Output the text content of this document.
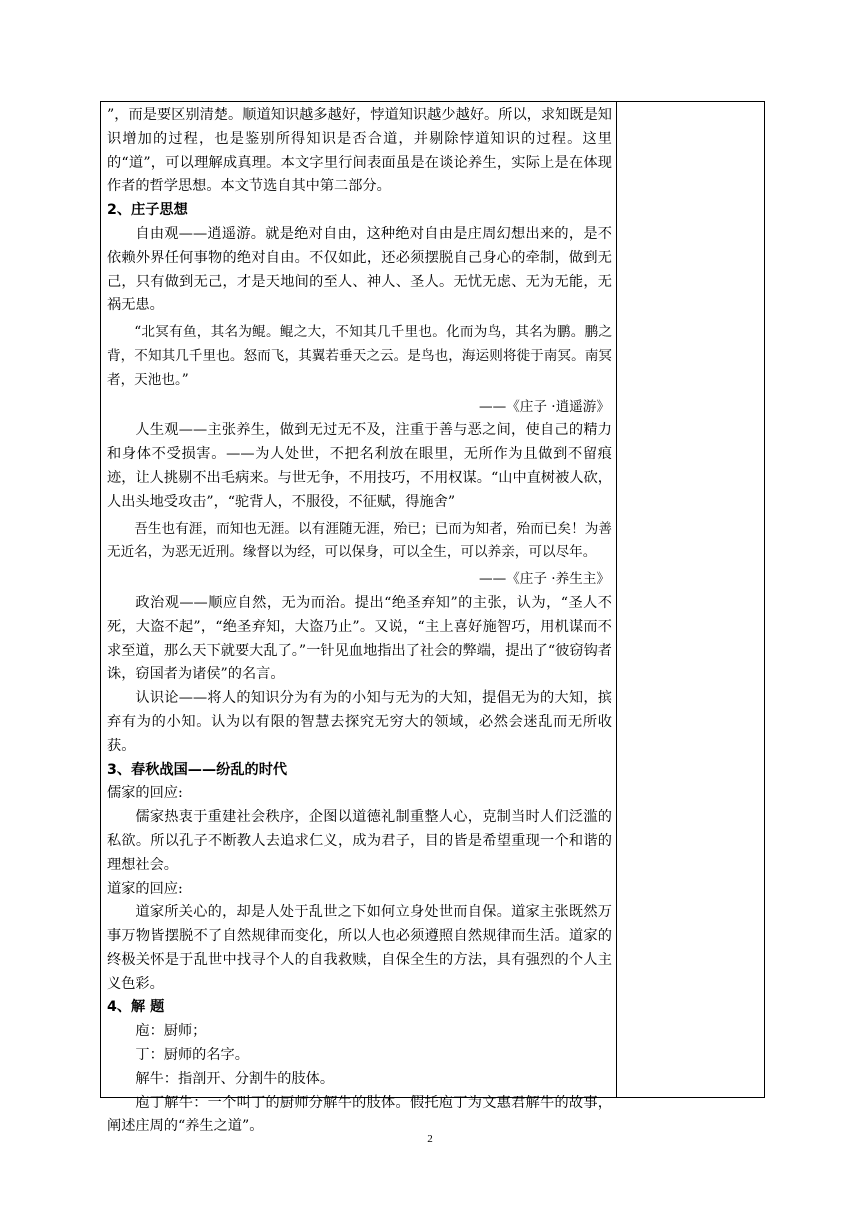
”，而是要区别清楚。顺道知识越多越好，悖道知识越少越好。所以，求知既是知识增加的过程，也是鉴别所得知识是否合道，并剔除悖道知识的过程。这里的“道”，可以理解成真理。本文字里行间表面虽是在谈论养生，实际上是在体现作者的哲学思想。本文节选自其中第二部分。

2、庄子思想

自由观——逍遥游。就是绝对自由，这种绝对自由是庄周幻想出来的，是不依赖外界任何事物的绝对自由。不仅如此，还必须摆脱自己身心的牵制，做到无己，只有做到无己，才是天地间的至人、神人、圣人。无忧无虑、无为无能，无祸无患。

“北冥有鱼，其名为鲲。鲲之大，不知其几千里也。化而为鸟，其名为鹏。鹏之背，不知其几千里也。怒而飞，其翼若垂天之云。是鸟也，海运则将徙于南冥。南冥者，天池也。”

——《庄子 ·逍遥游》

人生观——主张养生，做到无过无不及，注重于善与恶之间，使自己的精力和身体不受损害。——为人处世，不把名利放在眼里，无所作为且做到不留痕迹，让人挑剔不出毛病来。与世无争，不用技巧，不用权谋。“山中直树被人砍，人出头地受攻击”，“驼背人，不服役，不征赋，得施舍”

吾生也有涯，而知也无涯。以有涯随无涯，殆已；已而为知者，殆而已矣！为善无近名，为恶无近刑。缘督以为经，可以保身，可以全生，可以养亲，可以尽年。

——《庄子 ·养生主》

政治观——顺应自然，无为而治。提出“绝圣弃知”的主张，认为，“圣人不死，大盗不起”，“绝圣弃知，大盗乃止”。又说，“主上喜好施智巧，用机谋而不求至道，那么天下就要大乱了。”一针见血地指出了社会的弊端，提出了“彼窃钩者诛，窃国者为诸侯”的名言。

认识论——将人的知识分为有为的小知与无为的大知，提倡无为的大知，摈弃有为的小知。认为以有限的智慧去探究无穷大的领域，必然会迷乱而无所收获。

3、春秋战国——纷乱的时代

儒家的回应:

儒家热衷于重建社会秩序，企图以道德礼制重整人心，克制当时人们泛滥的私欲。所以孔子不断教人去追求仁义，成为君子，目的皆是希望重现一个和谐的理想社会。

道家的回应:

道家所关心的，却是人处于乱世之下如何立身处世而自保。道家主张既然万事万物皆摆脱不了自然规律而变化，所以人也必须遵照自然规律而生活。道家的终极关怀是于乱世中找寻个人的自我救赎，自保全生的方法，具有强烈的个人主义色彩。

4、解 题

庖：厨师；

丁：厨师的名字。

解牛：指剖开、分割牛的肢体。

庖丁解牛：一个叫丁的厨师分解牛的肢体。假托庖丁为文惠君解牛的故事，阐述庄周的“养生之道”。

2
